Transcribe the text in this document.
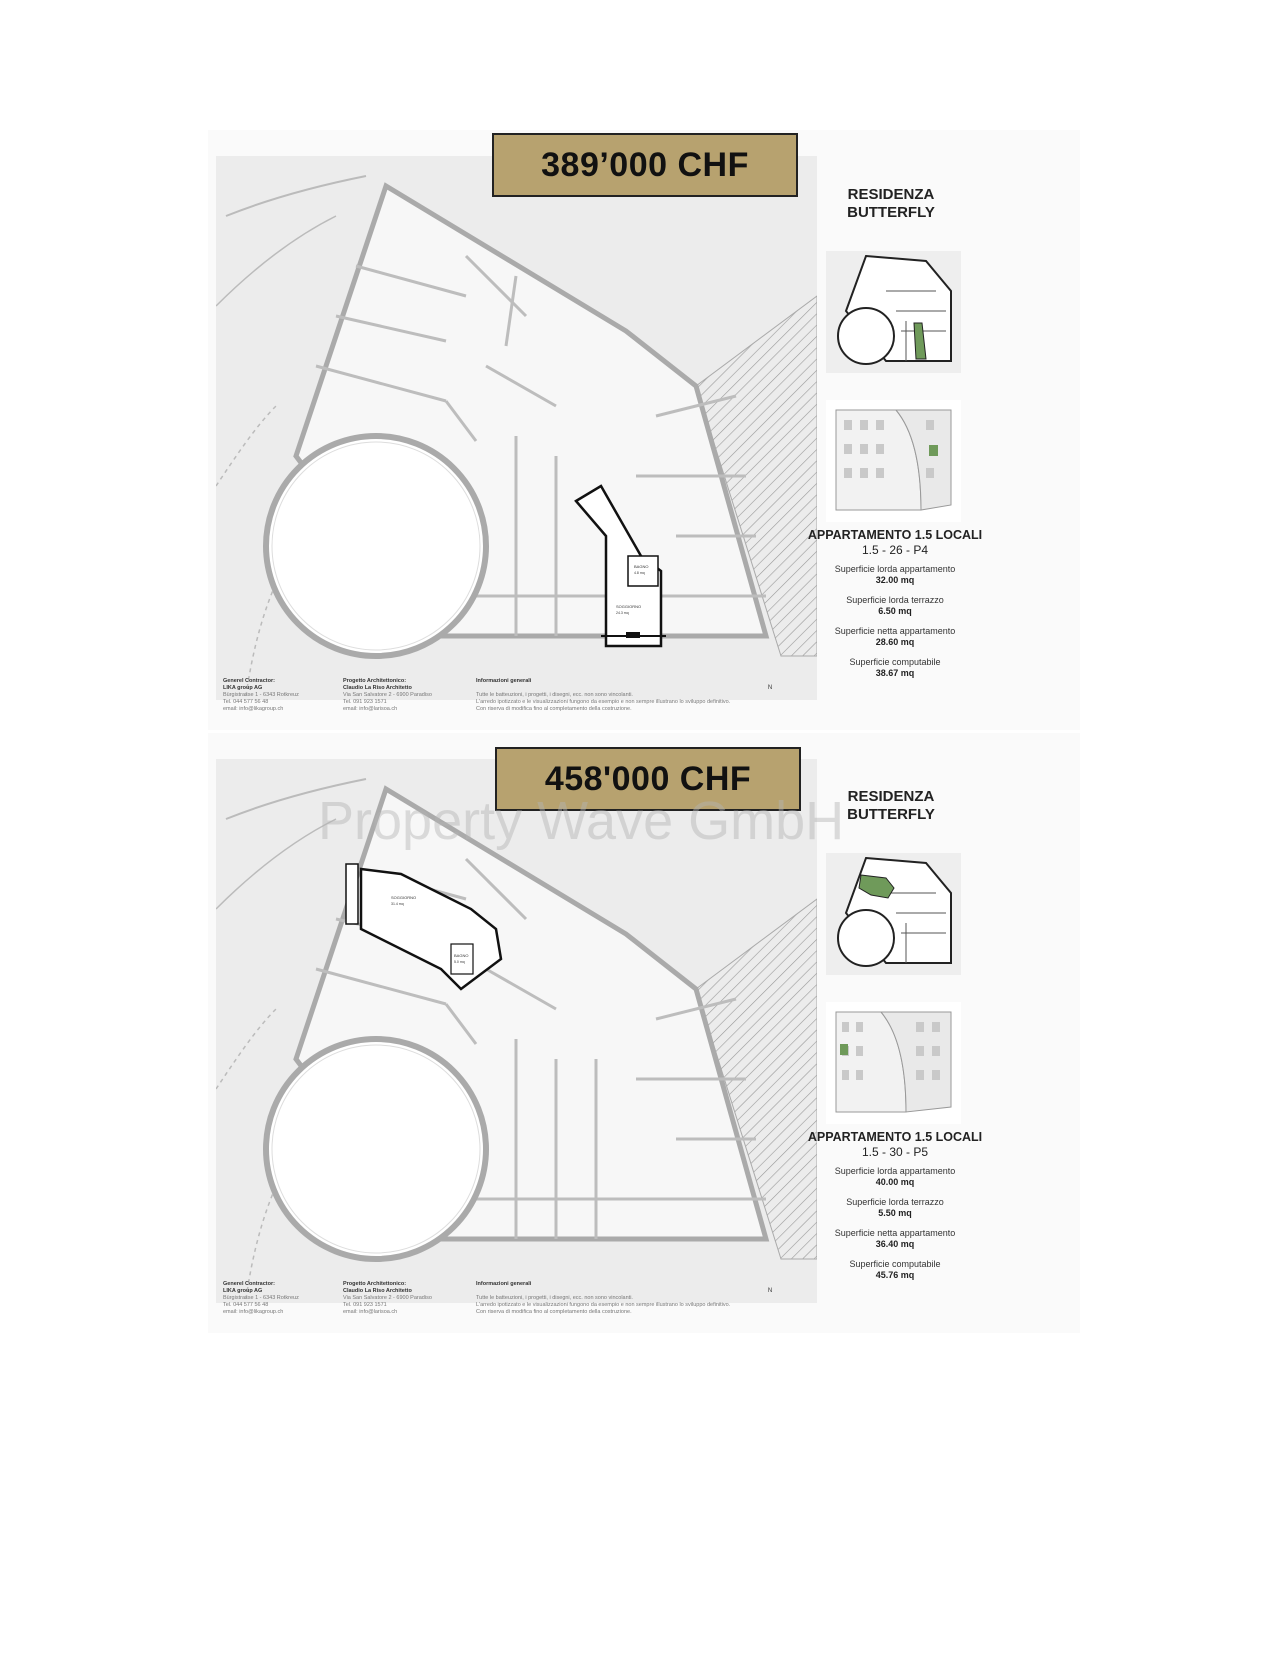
Property Wave GmbH
BAGNO
4.8 mq
SOGGIORNO
24.3 mq
Generel Contractor:
LIKA group AG
Bürgistrasse 1 - 6343 Rotkreuz
Tel. 044 577 56 48
email: info@likagroup.ch
Progetto Architettonico:
Claudio La Riso Architetto
Via San Salvatore 2 - 6900 Paradiso
Tel. 091 923 1571
email: info@larisoa.ch
Informazioni generali

Tutte le batteuzioni, i progetti, i disegni, ecc. non sono vincolanti.
L'arredo ipotizzato e le visualizzazioni fungono da esempio e non sempre illustrano lo sviluppo definitivo.
Con riserva di modifica fino al completamento della costruzione.
N
389’000 CHF
RESIDENZA
BUTTERFLY
APPARTAMENTO 1.5 LOCALI
1.5 - 26 - P4
Superficie lorda appartamento
32.00 mq
Superficie lorda terrazzo
6.50 mq
Superficie netta appartamento
28.60 mq
Superficie computabile
38.67 mq
SOGGIORNO
31.4 mq
BAGNO
5.0 mq
Generel Contractor:
LIKA group AG
Bürgistrasse 1 - 6343 Rotkreuz
Tel. 044 577 56 48
email: info@likagroup.ch
Progetto Architettonico:
Claudio La Riso Architetto
Via San Salvatore 2 - 6900 Paradiso
Tel. 091 923 1571
email: info@larisoa.ch
Informazioni generali

Tutte le batteuzioni, i progetti, i disegni, ecc. non sono vincolanti.
L'arredo ipotizzato e le visualizzazioni fungono da esempio e non sempre illustrano lo sviluppo definitivo.
Con riserva di modifica fino al completamento della costruzione.
N
458'000 CHF	RESIDENZA
BUTTERFLY
APPARTAMENTO 1.5 LOCALI
1.5 - 30 - P5
Superficie lorda appartamento
40.00 mq
Superficie lorda terrazzo
5.50 mq
Superficie netta appartamento
36.40 mq
Superficie computabile
45.76 mq
